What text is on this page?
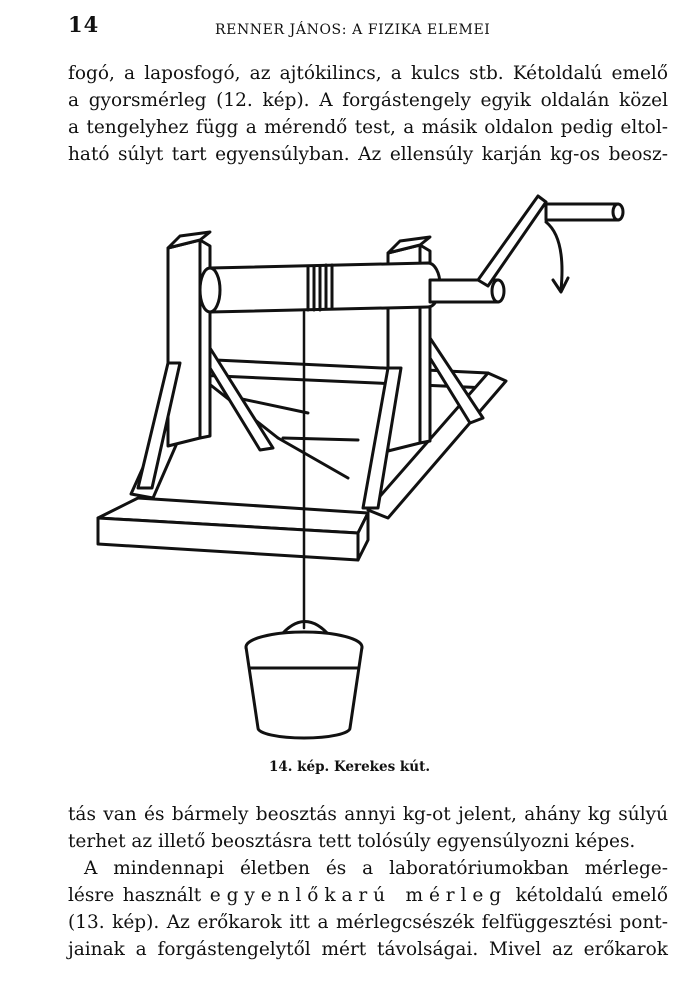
14	RENNER JÁNOS: A FIZIKA ELEMEI
fogó, a laposfogó, az ajtókilincs, a kulcs stb. Kétoldalú emelő
a gyorsmérleg (12. kép). A forgástengely egyik oldalán közel
a tengelyhez függ a mérendő test, a másik oldalon pedig eltol-
ható súlyt tart egyensúlyban. Az ellensúly karján kg-os beosz-
14. kép. Kerekes kút.
tás van és bármely beosztás annyi kg-ot jelent, ahány kg súlyú
terhet az illető beosztásra tett tolósúly egyensúlyozni képes.
A mindennapi életben és a laboratóriumokban mérlege-
lésre használt egyenlőkarú mérleg kétoldalú emelő
(13. kép). Az erőkarok itt a mérlegcsészék felfüggesztési pont-
jainak a forgástengelytől mért távolságai. Mivel az erőkarok
